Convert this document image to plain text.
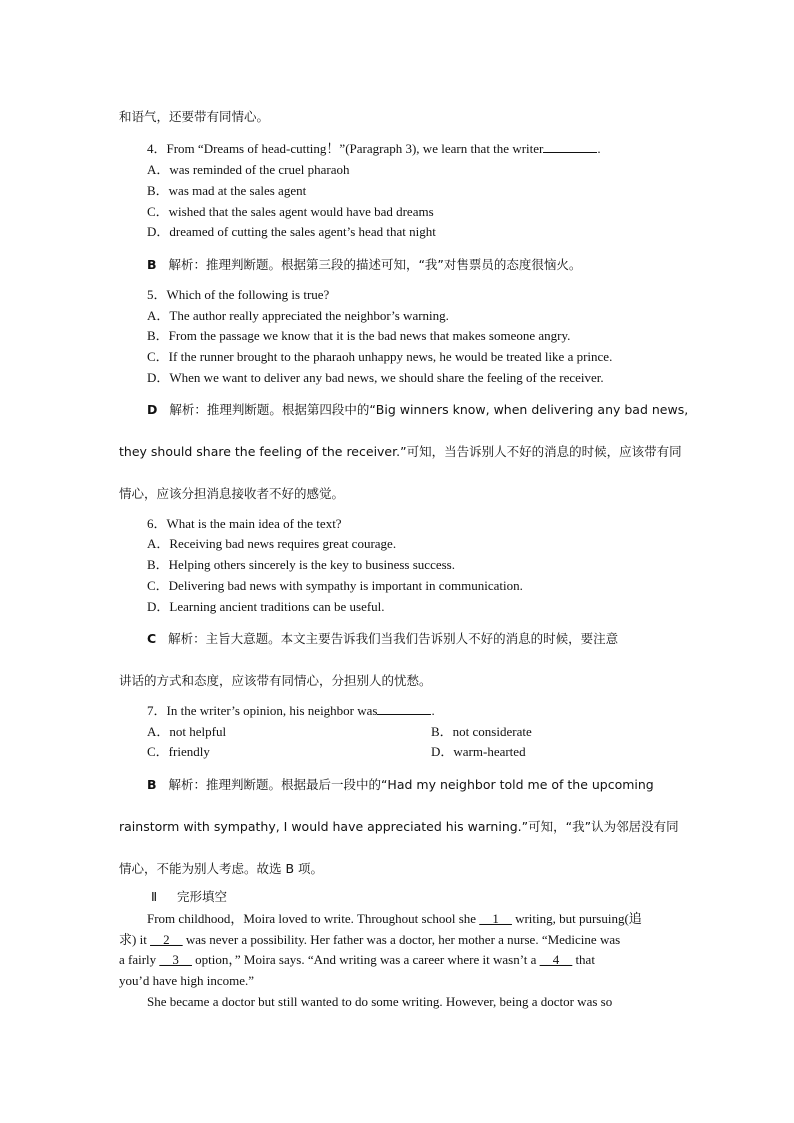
和语气，还要带有同情心。
4．From “Dreams of head-cutting！”(Paragraph 3), we learn that the writer	.
A．was reminded of the cruel pharaoh
B．was mad at the sales agent
C．wished that the sales agent would have bad dreams
D．dreamed of cutting the sales agent’s head that night
B 解析：推理判断题。根据第三段的描述可知，“我”对售票员的态度很恼火。
5．Which of the following is true?
A．The author really appreciated the neighbor’s warning.
B．From the passage we know that it is the bad news that makes someone angry.
C．If the runner brought to the pharaoh unhappy news, he would be treated like a prince.
D．When we want to deliver any bad news, we should share the feeling of the receiver.
D 解析：推理判断题。根据第四段中的“Big winners know, when delivering any bad news,
they should share the feeling of the receiver.”可知，当告诉别人不好的消息的时候，应该带有同
情心，应该分担消息接收者不好的感觉。
6．What is the main idea of the text?
A．Receiving bad news requires great courage.
B．Helping others sincerely is the key to business success.
C．Delivering bad news with sympathy is important in communication.
D．Learning ancient traditions can be useful.
C 解析：主旨大意题。本文主要告诉我们当我们告诉别人不好的消息的时候，要注意
讲话的方式和态度，应该带有同情心，分担别人的忧愁。
7．In the writer’s opinion, his neighbor was	.
A．not helpful	B．not considerate
C．friendly	D．warm-hearted
B 解析：推理判断题。根据最后一段中的“Had my neighbor told me of the upcoming
rainstorm with sympathy, I would have appreciated his warning.”可知，“我”认为邻居没有同
情心，不能为别人考虑。故选 B 项。
Ⅱ 完形填空
From childhood，Moira loved to write. Throughout school she __1__ writing, but pursuing(追
求) it __2__ was never a possibility. Her father was a doctor, her mother a nurse. “Medicine was
a fairly __3__ option，” Moira says. “And writing was a career where it wasn’t a __4__ that
you’d have high income.”
She became a doctor but still wanted to do some writing. However, being a doctor was so
